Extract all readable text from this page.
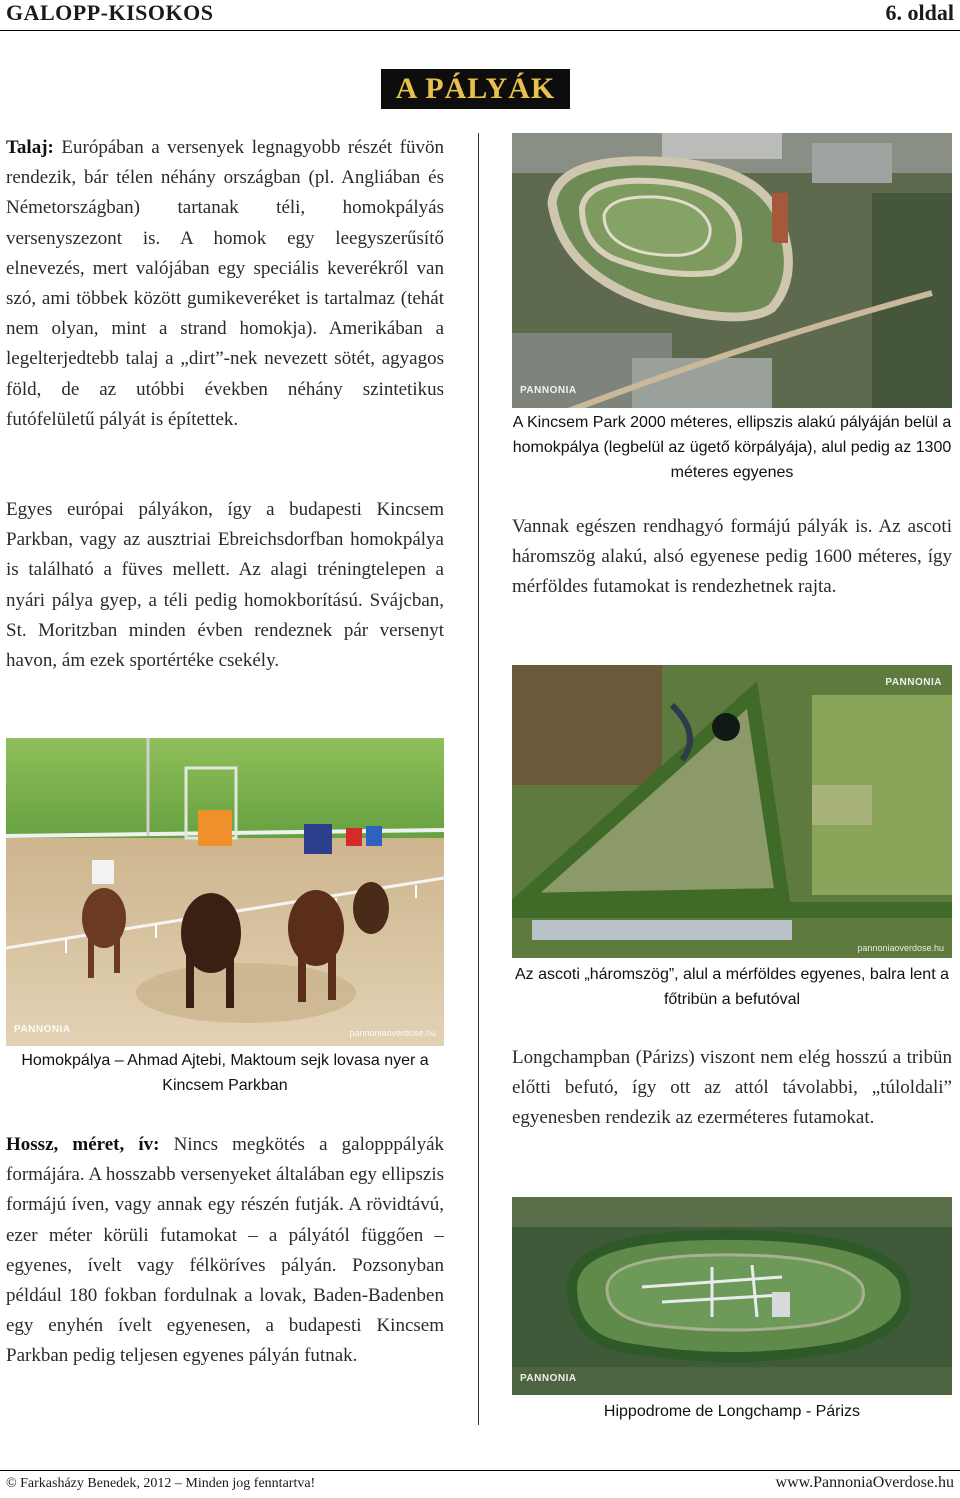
GALOPP-KISOKOS	6. oldal
A PÁLYÁK

Talaj: Európában a versenyek legnagyobb részét füvön rendezik, bár télen néhány országban (pl. Angliában és Németországban) tartanak téli, homokpályás versenyszezont is. A homok egy leegyszerűsítő elnevezés, mert valójában egy speciális keverékről van szó, ami többek között gumikeveréket is tartalmaz (tehát nem olyan, mint a strand homokja). Amerikában a legelterjedtebb talaj a „dirt”-nek nevezett sötét, agyagos föld, de az utóbbi években néhány szintetikus futófelületű pályát is építettek.

Egyes európai pályákon, így a budapesti Kincsem Parkban, vagy az ausztriai Ebreichsdorfban homokpálya is található a füves mellett. Az alagi tréningtelepen a nyári pálya gyep, a téli pedig homokborítású. Svájcban, St. Moritzban minden évben rendeznek pár versenyt havon, ám ezek sportértéke csekély.

PANNONIA	pannoniaoverdose.hu

Homokpálya – Ahmad Ajtebi, Maktoum sejk lovasa nyer a Kincsem Parkban

Hossz, méret, ív: Nincs megkötés a galopppályák formájára. A hosszabb versenyeket általában egy ellipszis formájú íven, vagy annak egy részén futják. A rövidtávú, ezer méter körüli futamokat – a pályától függően – egyenes, ívelt vagy félköríves pályán. Pozsonyban például 180 fokban fordulnak a lovak, Baden-Badenben egy enyhén ívelt egyenesen, a budapesti Kincsem Parkban pedig teljesen egyenes pályán futnak.

PANNONIA

A Kincsem Park 2000 méteres, ellipszis alakú pályáján belül a homokpálya (legbelül az ügető körpályája), alul pedig az 1300 méteres egyenes

Vannak egészen rendhagyó formájú pályák is. Az ascoti háromszög alakú, alsó egyenese pedig 1600 méteres, így mérföldes futamokat is rendezhetnek rajta.

PANNONIA
pannoniaoverdose.hu

Az ascoti „háromszög”, alul a mérföldes egyenes, balra lent a főtribün a befutóval

Longchampban (Párizs) viszont nem elég hosszú a tribün előtti befutó, így ott az attól távolabbi, „túloldali” egyenesben rendezik az ezerméteres futamokat.

PANNONIA

Hippodrome de Longchamp - Párizs

© Farkasházy Benedek, 2012 – Minden jog fenntartva!	www.PannoniaOverdose.hu
